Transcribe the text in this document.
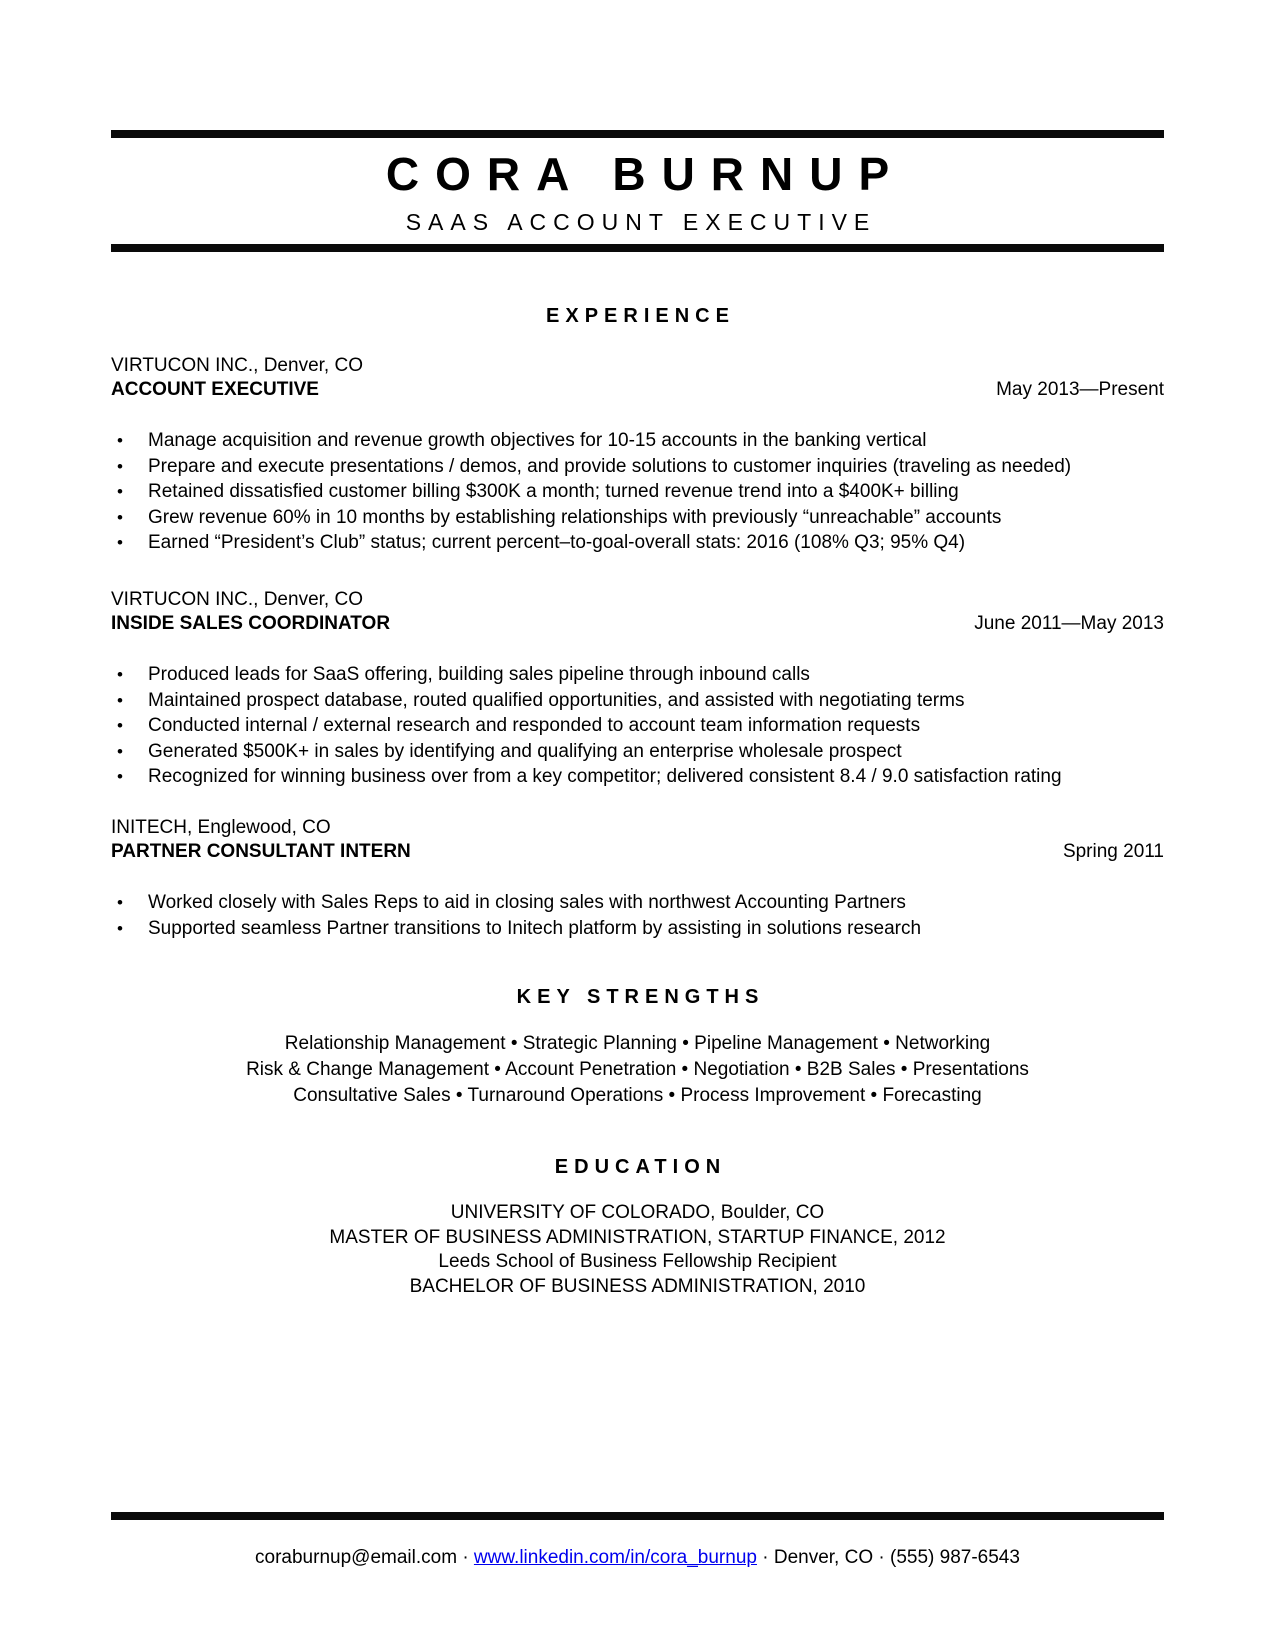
CORA BURNUP
SAAS ACCOUNT EXECUTIVE
EXPERIENCE
VIRTUCON INC., Denver, CO
ACCOUNT EXECUTIVE	May 2013—Present
• Manage acquisition and revenue growth objectives for 10-15 accounts in the banking vertical
• Prepare and execute presentations / demos, and provide solutions to customer inquiries (traveling as needed)
• Retained dissatisfied customer billing $300K a month; turned revenue trend into a $400K+ billing
• Grew revenue 60% in 10 months by establishing relationships with previously “unreachable” accounts
• Earned “President’s Club” status; current percent–to-goal-overall stats: 2016 (108% Q3; 95% Q4)
VIRTUCON INC., Denver, CO
INSIDE SALES COORDINATOR	June 2011—May 2013
• Produced leads for SaaS offering, building sales pipeline through inbound calls
• Maintained prospect database, routed qualified opportunities, and assisted with negotiating terms
• Conducted internal / external research and responded to account team information requests
• Generated $500K+ in sales by identifying and qualifying an enterprise wholesale prospect
• Recognized for winning business over from a key competitor; delivered consistent 8.4 / 9.0 satisfaction rating
INITECH, Englewood, CO
PARTNER CONSULTANT INTERN	Spring 2011
• Worked closely with Sales Reps to aid in closing sales with northwest Accounting Partners
• Supported seamless Partner transitions to Initech platform by assisting in solutions research
KEY STRENGTHS
Relationship Management • Strategic Planning • Pipeline Management • Networking
Risk & Change Management • Account Penetration • Negotiation • B2B Sales • Presentations
Consultative Sales • Turnaround Operations • Process Improvement • Forecasting
EDUCATION
UNIVERSITY OF COLORADO, Boulder, CO
MASTER OF BUSINESS ADMINISTRATION, STARTUP FINANCE, 2012
Leeds School of Business Fellowship Recipient
BACHELOR OF BUSINESS ADMINISTRATION, 2010
coraburnup@email.com · www.linkedin.com/in/cora_burnup · Denver, CO · (555) 987-6543
